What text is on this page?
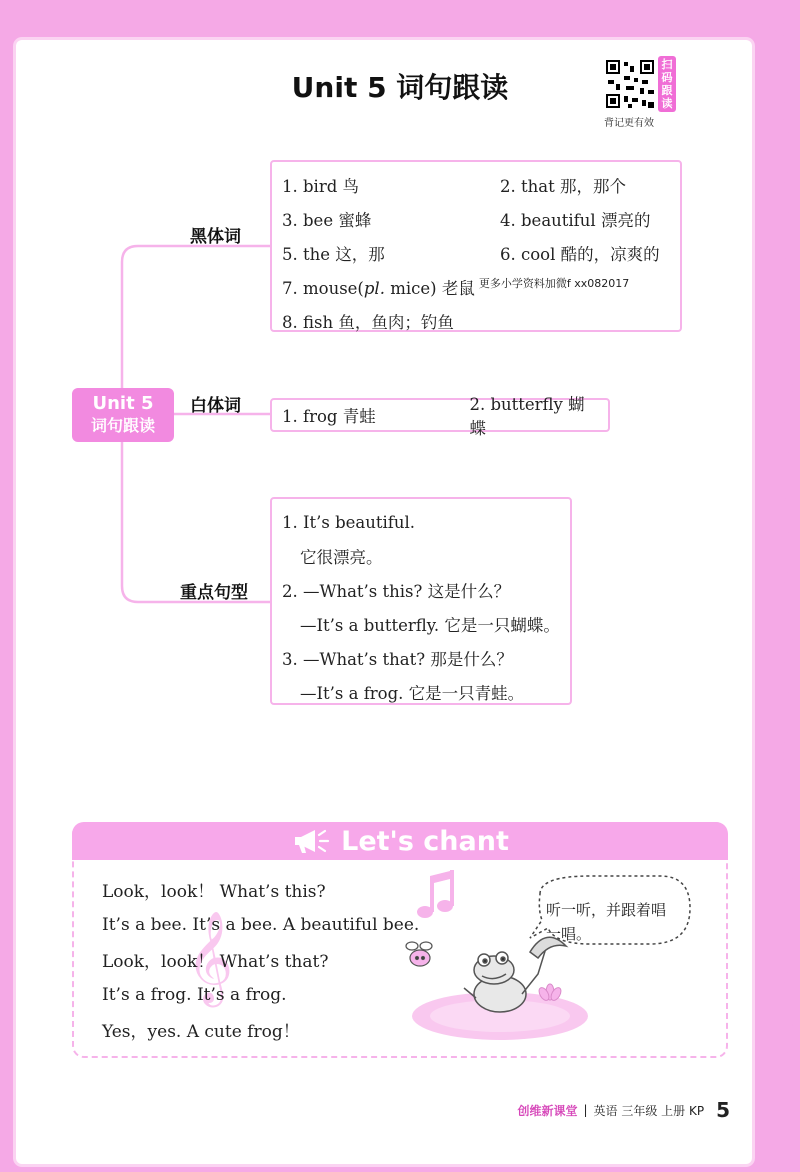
Unit 5 词句跟读
扫
码
跟
读
背记更有效
Unit 5
词句跟读
黑体词
白体词
重点句型
1. bird 鸟	2. that 那，那个
3. bee 蜜蜂	4. beautiful 漂亮的
5. the 这，那	6. cool 酷的，凉爽的
7. mouse(pl. mice) 老鼠 更多小学资料加微f xx082017
8. fish 鱼，鱼肉；钓鱼
1. frog 青蛙
2. butterfly 蝴蝶
1. It’s beautiful.
它很漂亮。
2. —What’s this? 这是什么？
—It’s a butterfly. 它是一只蝴蝶。
3. —What’s that? 那是什么？
—It’s a frog. 它是一只青蛙。
Let's chant
𝄞
Look，look！ What’s this?
It’s a bee. It’s a bee. A beautiful bee.
Look，look！ What’s that?
It’s a frog. It’s a frog.
Yes，yes. A cute frog！
听一听，并跟着唱一唱。
创维新课堂 | 英语 三年级 上册 KP 5
